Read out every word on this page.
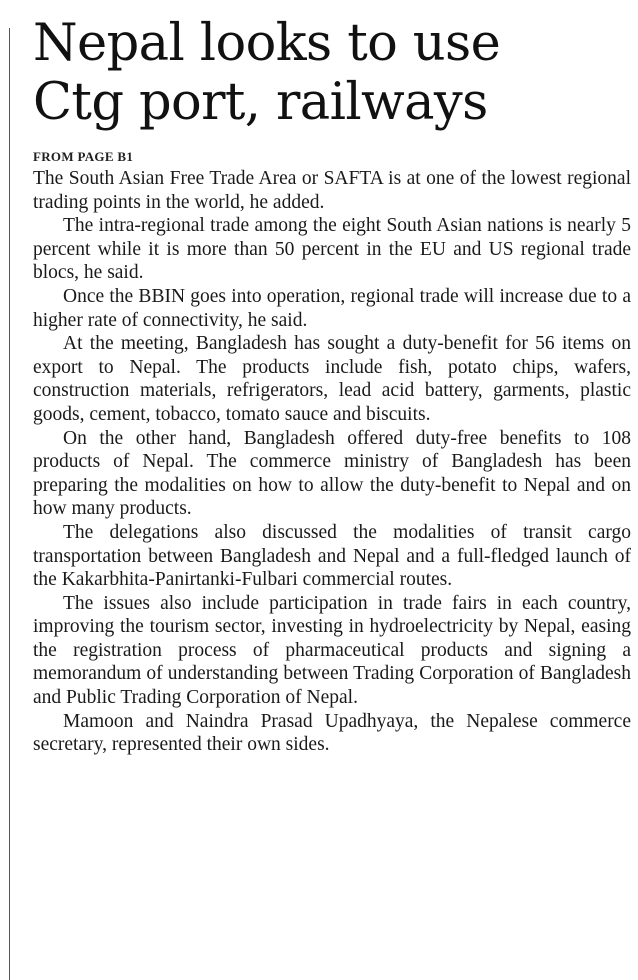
Nepal looks to use
Ctg port, railways
FROM PAGE B1

The South Asian Free Trade Area or SAFTA is at one of the lowest regional trading points in the world, he added.

The intra-regional trade among the eight South Asian nations is nearly 5 percent while it is more than 50 percent in the EU and US regional trade blocs, he said.

Once the BBIN goes into operation, regional trade will increase due to a higher rate of connectivity, he said.

At the meeting, Bangladesh has sought a duty-benefit for 56 items on export to Nepal. The products include fish, potato chips, wafers, construction materials, refrigerators, lead acid battery, garments, plastic goods, cement, tobacco, tomato sauce and biscuits.

On the other hand, Bangladesh offered duty-free benefits to 108 products of Nepal. The commerce ministry of Bangladesh has been preparing the modalities on how to allow the duty-benefit to Nepal and on how many products.

The delegations also discussed the modalities of transit cargo transportation between Bangladesh and Nepal and a full-fledged launch of the Kakarbhita-Panirtanki-Fulbari commercial routes.

The issues also include participation in trade fairs in each country, improving the tourism sector, investing in hydroelectricity by Nepal, easing the registration process of pharmaceutical products and signing a memorandum of understanding between Trading Corporation of Bangladesh and Public Trading Corporation of Nepal.

Mamoon and Naindra Prasad Upadhyaya, the Nepalese commerce secretary, represented their own sides.
